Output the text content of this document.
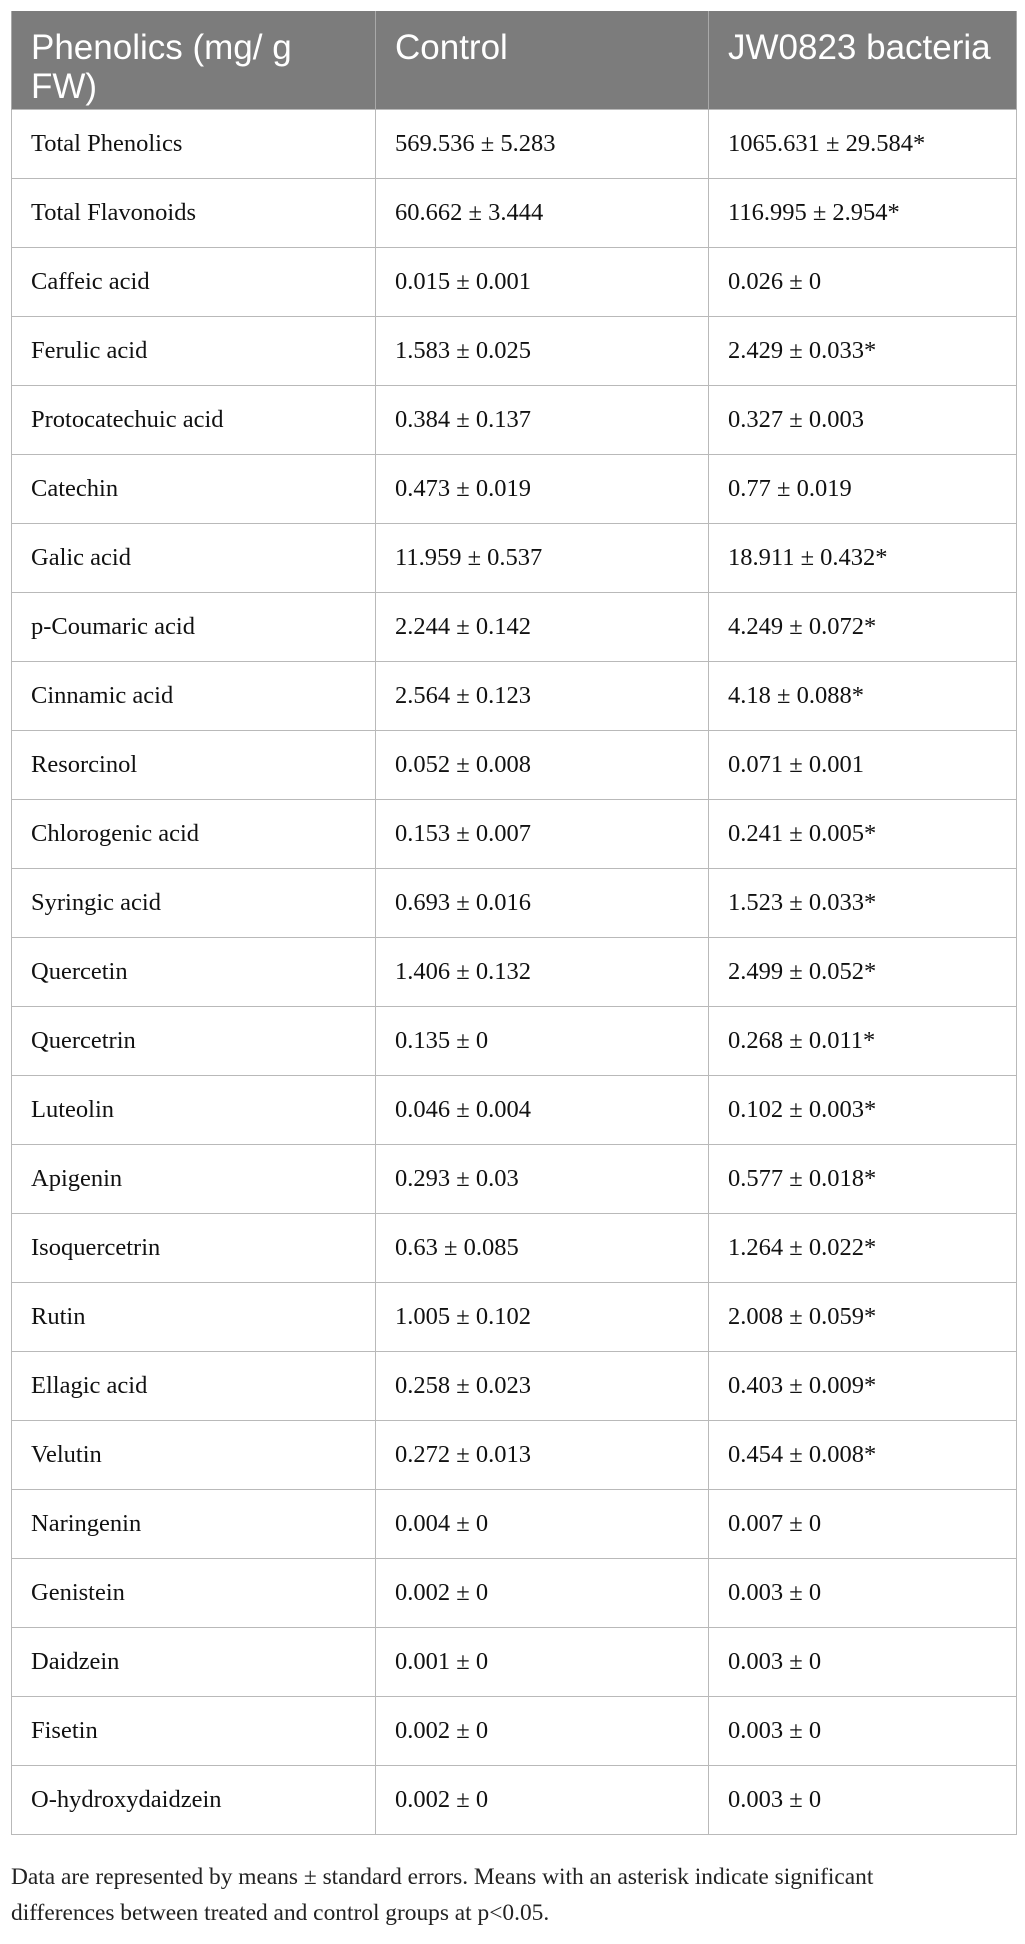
Phenolics (mg/ g FW)	Control	JW0823 bacteria
Total Phenolics	569.536 ± 5.283	1065.631 ± 29.584*
Total Flavonoids	60.662 ± 3.444	116.995 ± 2.954*
Caffeic acid	0.015 ± 0.001	0.026 ± 0
Ferulic acid	1.583 ± 0.025	2.429 ± 0.033*
Protocatechuic acid	0.384 ± 0.137	0.327 ± 0.003
Catechin	0.473 ± 0.019	0.77 ± 0.019
Galic acid	11.959 ± 0.537	18.911 ± 0.432*
p-Coumaric acid	2.244 ± 0.142	4.249 ± 0.072*
Cinnamic acid	2.564 ± 0.123	4.18 ± 0.088*
Resorcinol	0.052 ± 0.008	0.071 ± 0.001
Chlorogenic acid	0.153 ± 0.007	0.241 ± 0.005*
Syringic acid	0.693 ± 0.016	1.523 ± 0.033*
Quercetin	1.406 ± 0.132	2.499 ± 0.052*
Quercetrin	0.135 ± 0	0.268 ± 0.011*
Luteolin	0.046 ± 0.004	0.102 ± 0.003*
Apigenin	0.293 ± 0.03	0.577 ± 0.018*
Isoquercetrin	0.63 ± 0.085	1.264 ± 0.022*
Rutin	1.005 ± 0.102	2.008 ± 0.059*
Ellagic acid	0.258 ± 0.023	0.403 ± 0.009*
Velutin	0.272 ± 0.013	0.454 ± 0.008*
Naringenin	0.004 ± 0	0.007 ± 0
Genistein	0.002 ± 0	0.003 ± 0
Daidzein	0.001 ± 0	0.003 ± 0
Fisetin	0.002 ± 0	0.003 ± 0
O-hydroxydaidzein	0.002 ± 0	0.003 ± 0
Data are represented by means ± standard errors. Means with an asterisk indicate significant
differences between treated and control groups at p<0.05.
